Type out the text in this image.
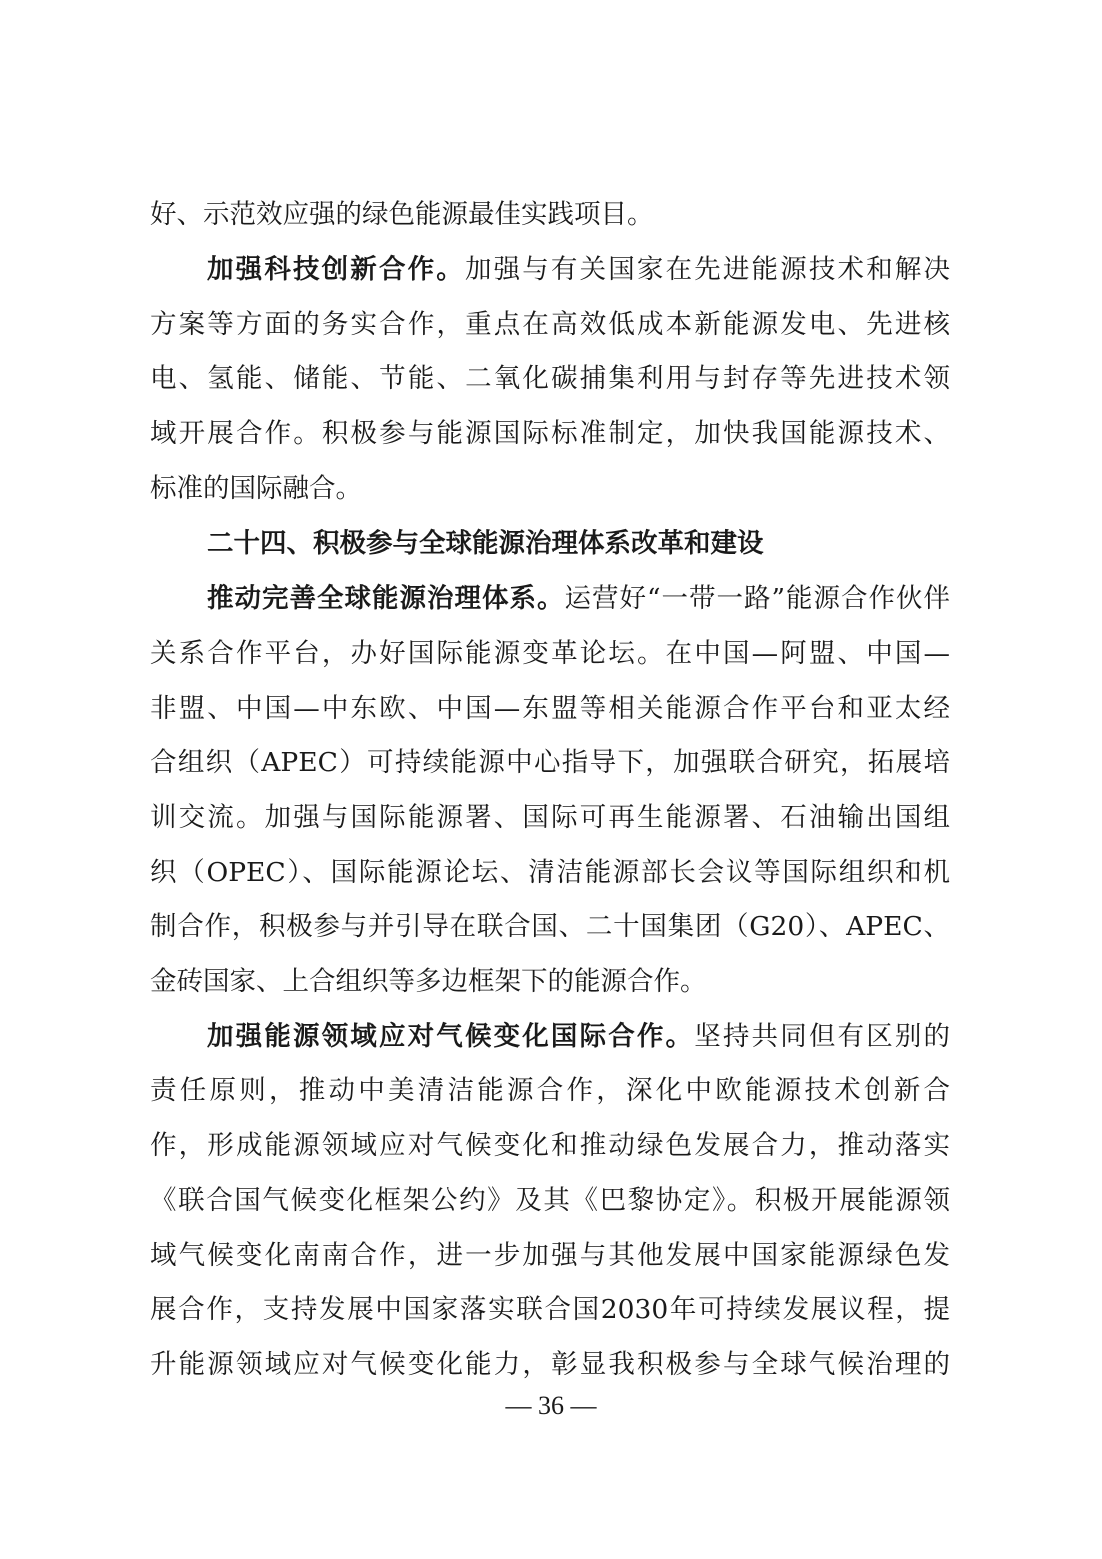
好、示范效应强的绿色能源最佳实践项目。
加强科技创新合作。加强与有关国家在先进能源技术和解决
方案等方面的务实合作，重点在高效低成本新能源发电、先进核
电、氢能、储能、节能、二氧化碳捕集利用与封存等先进技术领
域开展合作。积极参与能源国际标准制定，加快我国能源技术、
标准的国际融合。
二十四、积极参与全球能源治理体系改革和建设
推动完善全球能源治理体系。运营好“一带一路”能源合作伙伴
关系合作平台，办好国际能源变革论坛。在中国—阿盟、中国—
非盟、中国—中东欧、中国—东盟等相关能源合作平台和亚太经
合组织（APEC）可持续能源中心指导下，加强联合研究，拓展培
训交流。加强与国际能源署、国际可再生能源署、石油输出国组
织（OPEC）、国际能源论坛、清洁能源部长会议等国际组织和机
制合作，积极参与并引导在联合国、二十国集团（G20）、APEC、
金砖国家、上合组织等多边框架下的能源合作。
加强能源领域应对气候变化国际合作。坚持共同但有区别的
责任原则，推动中美清洁能源合作，深化中欧能源技术创新合
作，形成能源领域应对气候变化和推动绿色发展合力，推动落实
《联合国气候变化框架公约》及其《巴黎协定》。积极开展能源领
域气候变化南南合作，进一步加强与其他发展中国家能源绿色发
展合作，支持发展中国家落实联合国2030年可持续发展议程，提
升能源领域应对气候变化能力，彰显我积极参与全球气候治理的
— 36 —
